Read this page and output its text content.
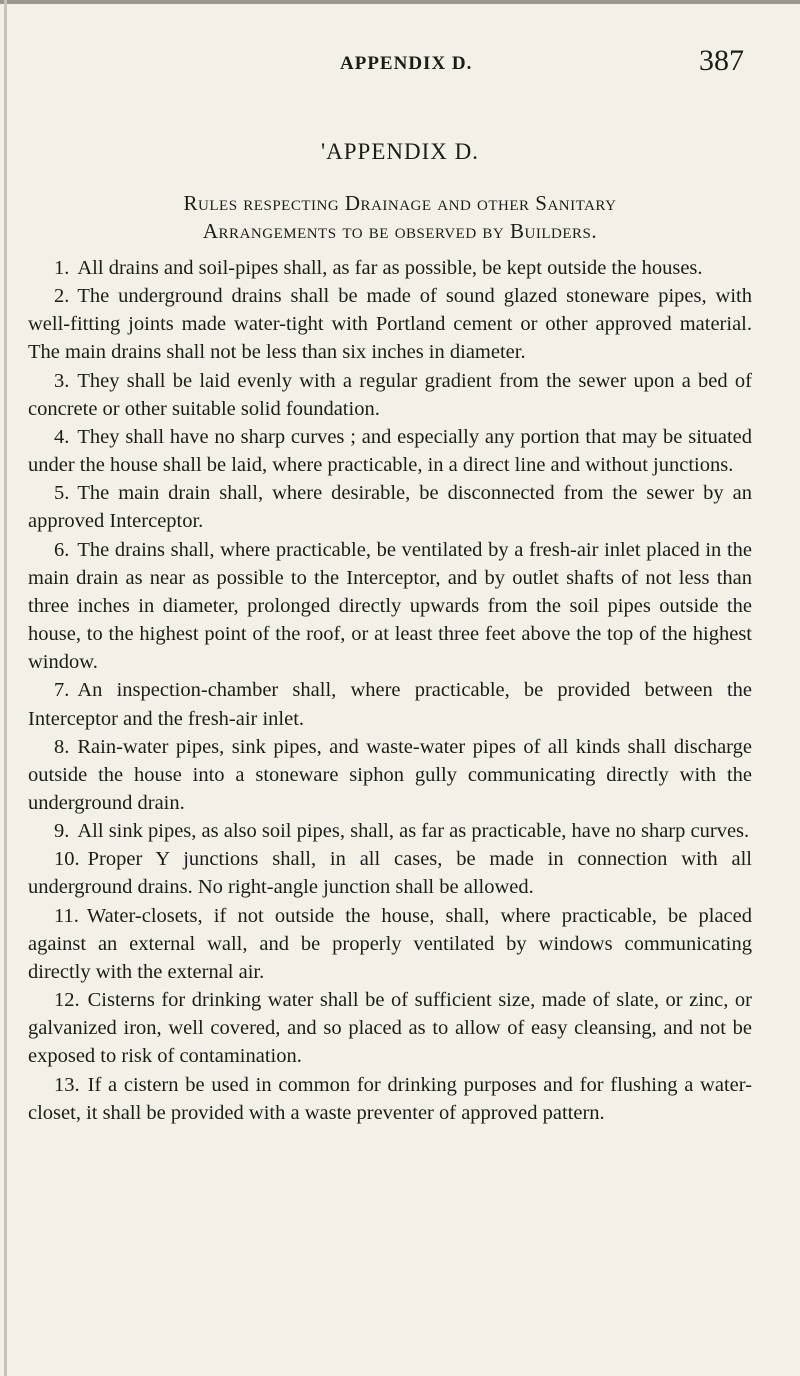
APPENDIX D.	387
'APPENDIX D.
Rules respecting Drainage and other Sanitary
Arrangements to be observed by Builders.

1. All drains and soil-pipes shall, as far as possible, be kept outside the houses.

2. The underground drains shall be made of sound glazed stoneware pipes, with well-fitting joints made water-tight with Portland cement or other approved material. The main drains shall not be less than six inches in diameter.

3. They shall be laid evenly with a regular gradient from the sewer upon a bed of concrete or other suitable solid foundation.

4. They shall have no sharp curves ; and especially any portion that may be situated under the house shall be laid, where practicable, in a direct line and without junctions.

5. The main drain shall, where desirable, be disconnected from the sewer by an approved Interceptor.

6. The drains shall, where practicable, be ventilated by a fresh-air inlet placed in the main drain as near as possible to the Interceptor, and by outlet shafts of not less than three inches in diameter, prolonged directly upwards from the soil pipes outside the house, to the highest point of the roof, or at least three feet above the top of the highest window.

7. An inspection-chamber shall, where practicable, be provided between the Interceptor and the fresh-air inlet.

8. Rain-water pipes, sink pipes, and waste-water pipes of all kinds shall discharge outside the house into a stoneware siphon gully communicating directly with the underground drain.

9. All sink pipes, as also soil pipes, shall, as far as practicable, have no sharp curves.

10. Proper Y junctions shall, in all cases, be made in connection with all underground drains. No right-angle junction shall be allowed.

11. Water-closets, if not outside the house, shall, where practicable, be placed against an external wall, and be properly ventilated by windows communicating directly with the external air.

12. Cisterns for drinking water shall be of sufficient size, made of slate, or zinc, or galvanized iron, well covered, and so placed as to allow of easy cleansing, and not be exposed to risk of contamination.

13. If a cistern be used in common for drinking purposes and for flushing a water-closet, it shall be provided with a waste preventer of approved pattern.
